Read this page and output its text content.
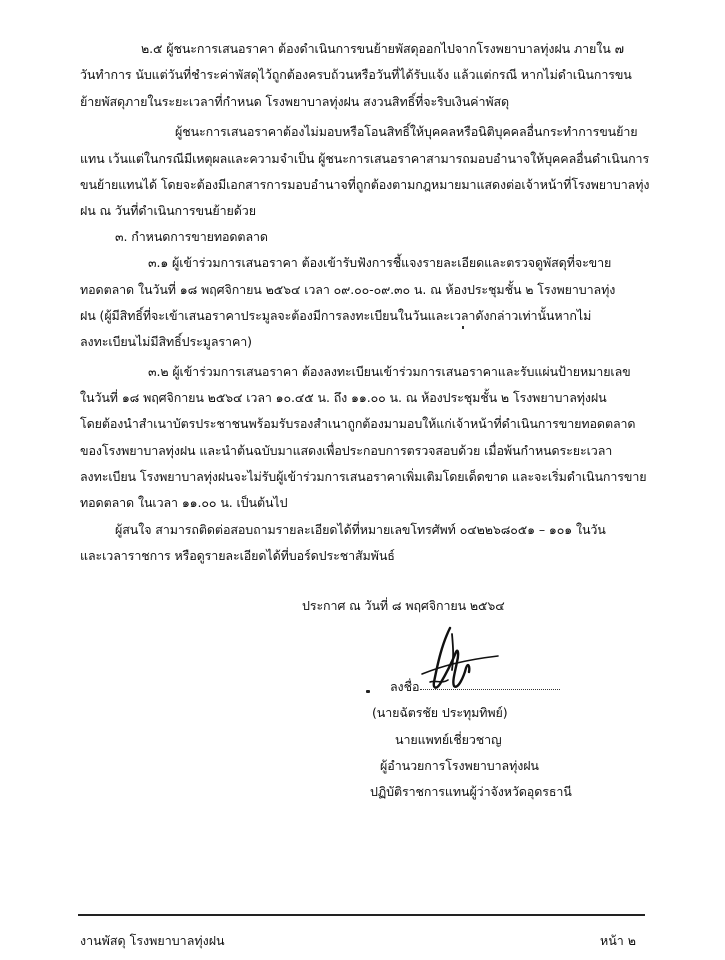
๒.๕ ผู้ชนะการเสนอราคา ต้องดำเนินการขนย้ายพัสดุออกไปจากโรงพยาบาลทุ่งฝน ภายใน ๗
วันทำการ นับแต่วันที่ชำระค่าพัสดุไว้ถูกต้องครบถ้วนหรือวันที่ได้รับแจ้ง แล้วแต่กรณี หากไม่ดำเนินการขน
ย้ายพัสดุภายในระยะเวลาที่กำหนด โรงพยาบาลทุ่งฝน สงวนสิทธิ์ที่จะริบเงินค่าพัสดุ
ผู้ชนะการเสนอราคาต้องไม่มอบหรือโอนสิทธิ์ให้บุคคลหรือนิติบุคคลอื่นกระทำการขนย้าย
แทน เว้นแต่ในกรณีมีเหตุผลและความจำเป็น ผู้ชนะการเสนอราคาสามารถมอบอำนาจให้บุคคลอื่นดำเนินการ
ขนย้ายแทนได้ โดยจะต้องมีเอกสารการมอบอำนาจที่ถูกต้องตามกฎหมายมาแสดงต่อเจ้าหน้าที่โรงพยาบาลทุ่ง
ฝน ณ วันที่ดำเนินการขนย้ายด้วย
๓. กำหนดการขายทอดตลาด
๓.๑ ผู้เข้าร่วมการเสนอราคา ต้องเข้ารับฟังการชี้แจงรายละเอียดและตรวจดูพัสดุที่จะขาย
ทอดตลาด ในวันที่ ๑๘ พฤศจิกายน ๒๕๖๔ เวลา ๐๙.๐๐-๐๙.๓๐ น. ณ ห้องประชุมชั้น ๒ โรงพยาบาลทุ่ง
ฝน (ผู้มีสิทธิ์ที่จะเข้าเสนอราคาประมูลจะต้องมีการลงทะเบียนในวันและเวลาดังกล่าวเท่านั้นหากไม่
ลงทะเบียนไม่มีสิทธิ์ประมูลราคา)
๓.๒ ผู้เข้าร่วมการเสนอราคา ต้องลงทะเบียนเข้าร่วมการเสนอราคาและรับแผ่นป้ายหมายเลข
ในวันที่ ๑๘ พฤศจิกายน ๒๕๖๔ เวลา ๑๐.๔๕ น. ถึง ๑๑.๐๐ น. ณ ห้องประชุมชั้น ๒ โรงพยาบาลทุ่งฝน
โดยต้องนำสำเนาบัตรประชาชนพร้อมรับรองสำเนาถูกต้องมามอบให้แก่เจ้าหน้าที่ดำเนินการขายทอดตลาด
ของโรงพยาบาลทุ่งฝน และนำต้นฉบับมาแสดงเพื่อประกอบการตรวจสอบด้วย เมื่อพ้นกำหนดระยะเวลา
ลงทะเบียน โรงพยาบาลทุ่งฝนจะไม่รับผู้เข้าร่วมการเสนอราคาเพิ่มเติมโดยเด็ดขาด และจะเริ่มดำเนินการขาย
ทอดตลาด ในเวลา ๑๑.๐๐ น. เป็นต้นไป
ผู้สนใจ สามารถติดต่อสอบถามรายละเอียดได้ที่หมายเลขโทรศัพท์ ๐๔๒๒๖๘๐๕๑ – ๑๐๑ ในวัน
และเวลาราชการ หรือดูรายละเอียดได้ที่บอร์ดประชาสัมพันธ์
ประกาศ ณ วันที่ ๘ พฤศจิกายน ๒๕๖๔
ลงชื่อ
(นายฉัตรชัย ประทุมทิพย์)
นายแพทย์เชี่ยวชาญ
ผู้อำนวยการโรงพยาบาลทุ่งฝน
ปฏิบัติราชการแทนผู้ว่าจังหวัดอุดรธานี
งานพัสดุ โรงพยาบาลทุ่งฝน	หน้า ๒
